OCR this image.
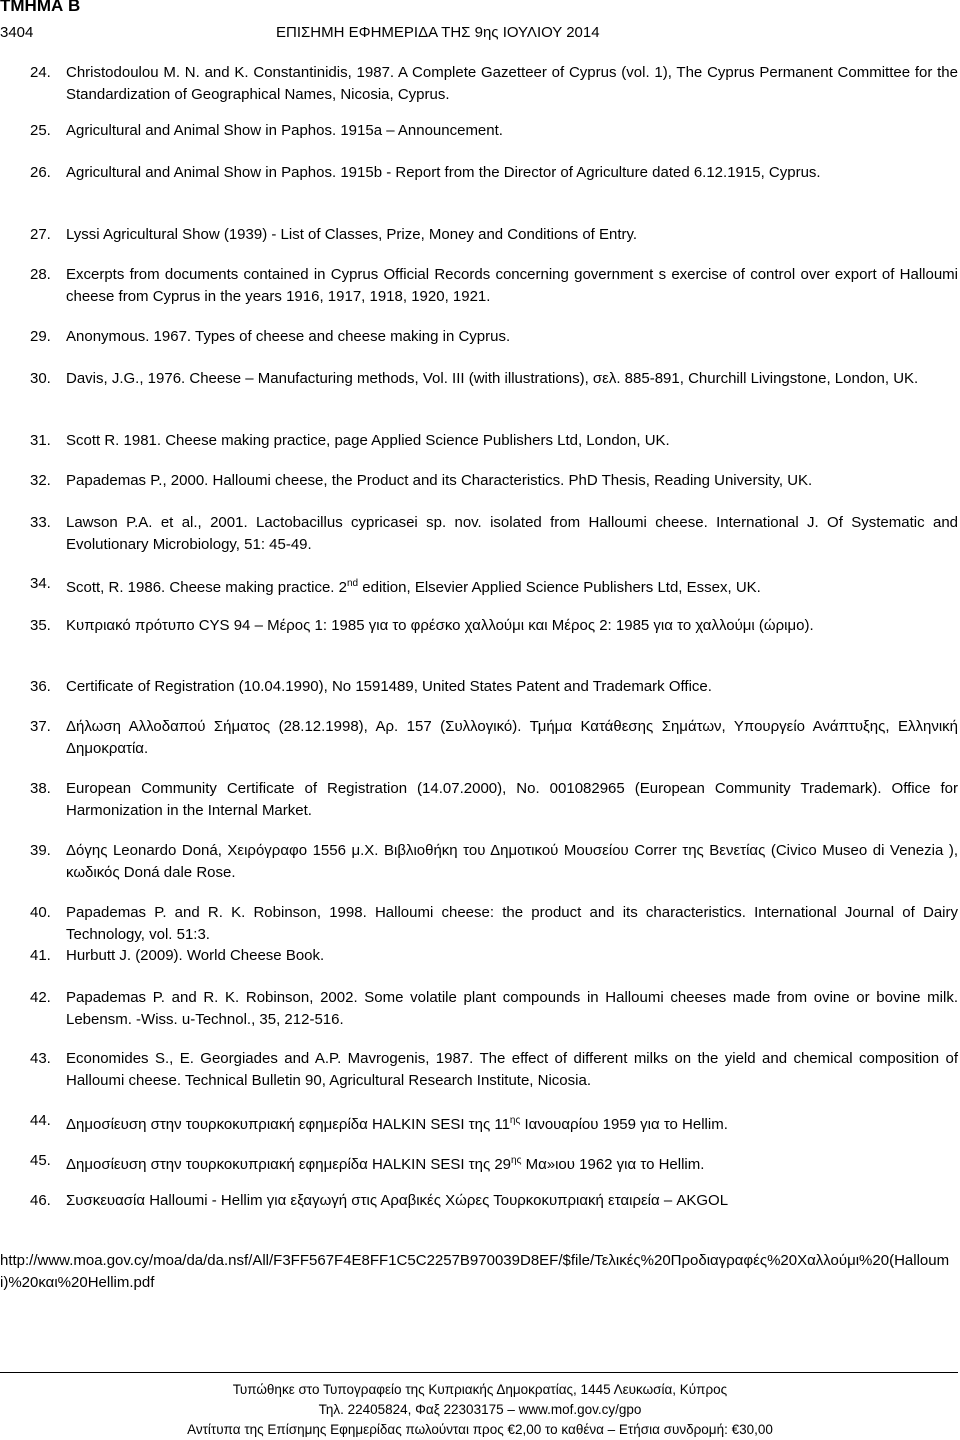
ΤΜΗΜΑ Β
3404	ΕΠΙΣΗΜΗ ΕΦΗΜΕΡΙΔΑ ΤΗΣ 9ης ΙΟΥΛΙΟΥ 2014
24.	Christodoulou M. N. and K. Constantinidis, 1987. A Complete Gazetteer of Cyprus (vol. 1), The Cyprus Permanent Committee for the Standardization of Geographical Names, Nicosia, Cyprus.
25.	Agricultural and Animal Show in Paphos. 1915a – Announcement.
26.	Agricultural and Animal Show in Paphos. 1915b - Report from the Director of Agriculture dated 6.12.1915, Cyprus.
27.	Lyssi Agricultural Show (1939) - List of Classes, Prize, Money and Conditions of Entry.
28.	Excerpts from documents contained in Cyprus Official Records concerning government s exercise of control over export of Halloumi cheese from Cyprus in the years 1916, 1917, 1918, 1920, 1921.
29.	Anonymous. 1967. Types of cheese and cheese making in Cyprus.
30.	Davis, J.G., 1976. Cheese – Manufacturing methods, Vol. III (with illustrations), σελ. 885-891, Churchill Livingstone, London, UK.
31.	Scott R. 1981. Cheese making practice, page Applied Science Publishers Ltd, London, UK.
32.	Papademas P., 2000. Halloumi cheese, the Product and its Characteristics. PhD Thesis, Reading University, UK.
33.	Lawson P.A. et al., 2001. Lactobacillus cypricasei sp. nov. isolated from Halloumi cheese. International J. Of Systematic and Evolutionary Microbiology, 51: 45-49.
34.	Scott, R. 1986. Cheese making practice. 2nd edition, Elsevier Applied Science Publishers Ltd, Essex, UK.
35.	Κυπριακό πρότυπο CYS 94 – Μέρος 1: 1985 για το φρέσκο χαλλούμι και Μέρος 2: 1985 για το χαλλούμι (ώριμο).
36.	Certificate of Registration (10.04.1990), No 1591489, United States Patent and Trademark Office.
37.	Δήλωση Αλλοδαπού Σήματος (28.12.1998), Αρ. 157 (Συλλογικό). Τμήμα Κατάθεσης Σημάτων, Υπουργείο Ανάπτυξης, Ελληνική Δημοκρατία.
38.	European Community Certificate of Registration (14.07.2000), No. 001082965 (European Community Trademark). Office for Harmonization in the Internal Market.
39.	Δόγης Leonardo Doná, Χειρόγραφο 1556 μ.Χ. Βιβλιοθήκη του Δημοτικού Μουσείου Correr της Βενετίας (Civico Museo di Venezia ), κωδικός Doná dale Rose.
40.	Papademas P. and R. K. Robinson, 1998. Halloumi cheese: the product and its characteristics. International Journal of Dairy Technology, vol. 51:3.
41.	Hurbutt J. (2009). World Cheese Book.
42.	Papademas P. and R. K. Robinson, 2002. Some volatile plant compounds in Halloumi cheeses made from ovine or bovine milk. Lebensm. -Wiss. u-Technol., 35, 212-516.
43.	Economides S., E. Georgiades and A.P. Mavrogenis, 1987. The effect of different milks on the yield and chemical composition of Halloumi cheese. Technical Bulletin 90, Agricultural Research Institute, Nicosia.
44.	Δημοσίευση στην τουρκοκυπριακή εφημερίδα HALKIN SESI της $11^{\eta\varsigma}$ Ιανουαρίου 1959 για το Hellim.
45.	Δημοσίευση στην τουρκοκυπριακή εφημερίδα HALKIN SESI της $29^{\eta\varsigma}$ Μα»ιου 1962 για το Hellim.
46.	Συσκευασία Halloumi - Hellim για εξαγωγή στις Αραβικές Χώρες Τουρκοκυπριακή εταιρεία – AKGOL
http://www.moa.gov.cy/moa/da/da.nsf/All/F3FF567F4E8FF1C5C2257B970039D8EF/$file/Τελικές%20Προδιαγραφές%20Χαλλούμι%20(Halloumi)%20και%20Hellim.pdf
Τυπώθηκε στο Τυπογραφείο της Κυπριακής Δημοκρατίας, 1445 Λευκωσία, Κύπρος
Τηλ. 22405824, Φαξ 22303175 – www.mof.gov.cy/gpo
Αντίτυπα της Επίσημης Εφημερίδας πωλούνται προς €2,00 το καθένα – Ετήσια συνδρομή: €30,00
